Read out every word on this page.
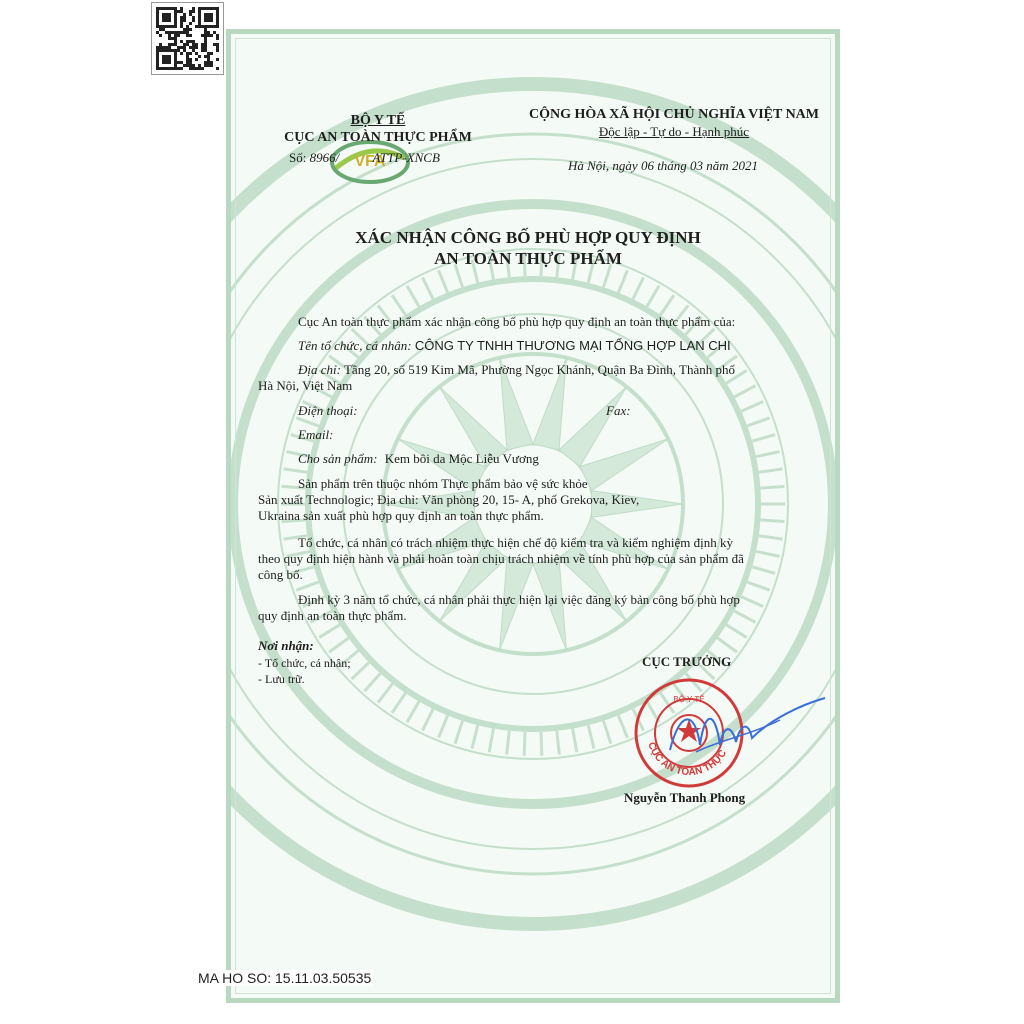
VFA
BỘ Y TẾ
CỤC AN TOÀN THỰC PHẨM
Số: 8966/	ATTP-XNCB
CỘNG HÒA XÃ HỘI CHỦ NGHĨA VIỆT NAM
Độc lập - Tự do - Hạnh phúc
Hà Nội, ngày 06 tháng 03 năm 2021
XÁC NHẬN CÔNG BỐ PHÙ HỢP QUY ĐỊNH
AN TOÀN THỰC PHẨM
Cục An toàn thực phẩm xác nhận công bố phù hợp quy định an toàn thực phẩm của:
Tên tổ chức, cá nhân: CÔNG TY TNHH THƯƠNG MẠI TỔNG HỢP LAN CHI
Địa chỉ: Tầng 20, số 519 Kim Mã, Phường Ngọc Khánh, Quận Ba Đình, Thành phố
Hà Nội, Việt Nam
Điện thoại:	Fax:
Email:
Cho sản phẩm: Kem bôi da Mộc Liễu Vương
Sản phẩm trên thuộc nhóm Thực phẩm bảo vệ sức khỏe
Sản xuất Technologic; Địa chỉ: Văn phòng 20, 15- A, phố Grekova, Kiev,
Ukraina sản xuất phù hợp quy định an toàn thực phẩm.
Tổ chức, cá nhân có trách nhiệm thực hiện chế độ kiểm tra và kiểm nghiệm định kỳ
theo quy định hiện hành và phải hoàn toàn chịu trách nhiệm về tính phù hợp của sản phẩm đã
công bố.
Định kỳ 3 năm tổ chức, cá nhân phải thực hiện lại việc đăng ký bản công bố phù hợp
quy định an toàn thực phẩm.
Nơi nhận:
- Tổ chức, cá nhân;
- Lưu trữ.
CỤC TRƯỞNG
BỘ Y TẾ
CỤC AN TOÀN THỰC
Nguyễn Thanh Phong
MA HO SO: 15.11.03.50535
